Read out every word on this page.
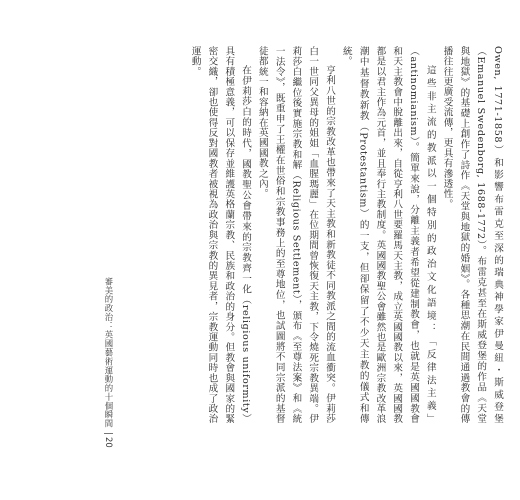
Owen, 1771-1858）和影響布雷克至深的瑞典神學家伊曼紐・斯威登堡（Emanuel Swedenborg, 1688-1772）。布雷克甚至在斯威登堡的作品《天堂與地獄》的基礎上創作了詩作《天堂與地獄的婚姻》。各種思潮在民間通過教會的傳播往往更廣受流傳，更具有滲透性。

這些非主流的教派以一個特別的政治文化語境：「反律法主義」（antinomianism）。簡單來說，分離主義者希望從建制教會，也就是英國國教會和天主教會中脫離出來，自從亨利八世要羅馬天主教，成立英國國教以來，英國國教都是以君主作為元首，並且奉行主教制度。英國國教聖公會雖然也是歐洲宗教改革浪潮中基督教新教（Protestantism）的一支，但卻保留了不少天主教的儀式和傳統。

亨利八世的宗教改革也帶來了天主教和新教徒不同教派之間的流血衝突。伊莉莎白一世同父異母的姐姐「血腥瑪麗」在位期間曾恢復天主教，下令燒死宗教異端。伊莉莎白繼位後實施宗教和解（Religious Settlement），頒布《至尊法案》和《統一法令》，既重申了王權在世俗和宗教事務上的至尊地位，也試圖將不同宗派的基督徒都統一和容納在英國國教之內。

在伊莉莎白的時代，國教聖公會帶來的宗教齊一化（religious uniformity）具有積極意義，可以保存並維護英格蘭宗教、民族和政治的身分。但教會與國家的緊密交織，卻也使得反對國教者被視為政治與宗教的異見者，宗教運動同時也成了政治運動。

審美的政治：英國藝術運動的十個瞬間
|
20
